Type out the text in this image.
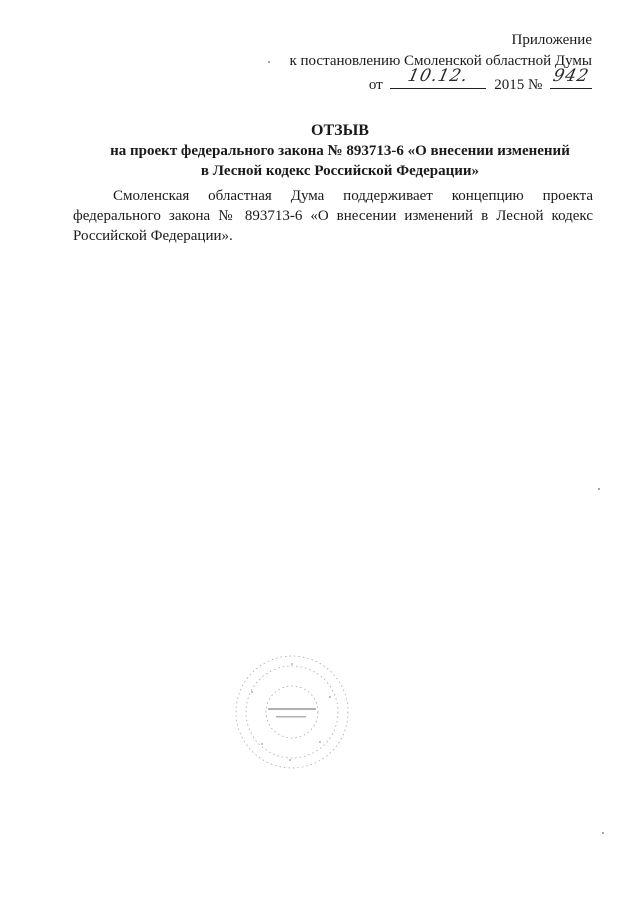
Приложение
к постановлению Смоленской областной Думы
от	10.12.	2015 № 942
ОТЗЫВ
на проект федерального закона № 893713-6 «О внесении изменений
в Лесной кодекс Российской Федерации»

Смоленская областная Дума поддерживает концепцию проекта федерального закона № 893713-6 «О внесении изменений в Лесной кодекс Российской Федерации».
